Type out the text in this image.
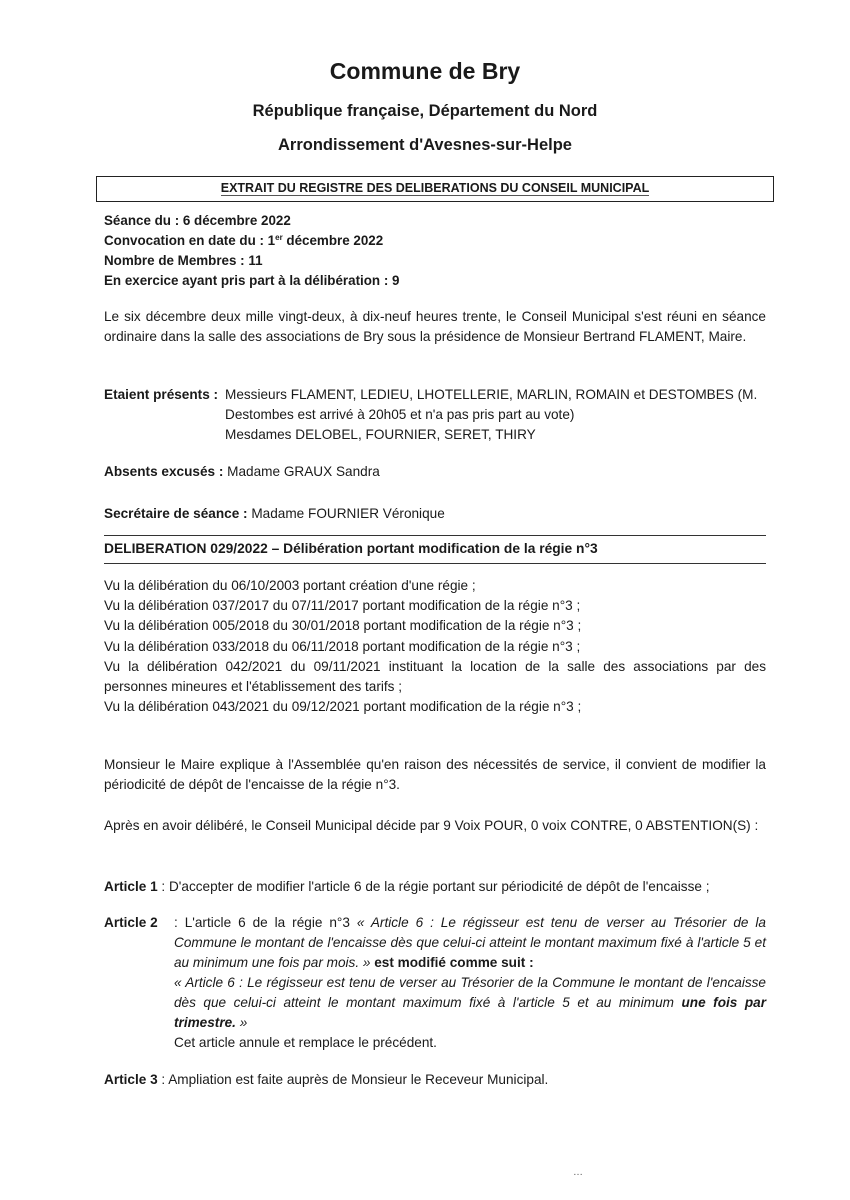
Commune de Bry
République française, Département du Nord
Arrondissement d'Avesnes-sur-Helpe
EXTRAIT DU REGISTRE DES DELIBERATIONS DU CONSEIL MUNICIPAL
Séance du : 6 décembre 2022
Convocation en date du : 1er décembre 2022
Nombre de Membres : 11
En exercice ayant pris part à la délibération : 9
Le six décembre deux mille vingt-deux, à dix-neuf heures trente, le Conseil Municipal s'est réuni en séance ordinaire dans la salle des associations de Bry sous la présidence de Monsieur Bertrand FLAMENT, Maire.
Etaient présents : Messieurs FLAMENT, LEDIEU, LHOTELLERIE, MARLIN, ROMAIN et DESTOMBES (M.
Destombes est arrivé à 20h05 et n'a pas pris part au vote)
Mesdames DELOBEL, FOURNIER, SERET, THIRY
Absents excusés : Madame GRAUX Sandra
Secrétaire de séance : Madame FOURNIER Véronique
DELIBERATION 029/2022 – Délibération portant modification de la régie n°3
Vu la délibération du 06/10/2003 portant création d'une régie ;
Vu la délibération 037/2017 du 07/11/2017 portant modification de la régie n°3 ;
Vu la délibération 005/2018 du 30/01/2018 portant modification de la régie n°3 ;
Vu la délibération 033/2018 du 06/11/2018 portant modification de la régie n°3 ;
Vu la délibération 042/2021 du 09/11/2021 instituant la location de la salle des associations par des personnes mineures et l'établissement des tarifs ;
Vu la délibération 043/2021 du 09/12/2021 portant modification de la régie n°3 ;
Monsieur le Maire explique à l'Assemblée qu'en raison des nécessités de service, il convient de modifier la périodicité de dépôt de l'encaisse de la régie n°3.
Après en avoir délibéré, le Conseil Municipal décide par 9 Voix POUR, 0 voix CONTRE, 0 ABSTENTION(S) :
Article 1 : D'accepter de modifier l'article 6 de la régie portant sur périodicité de dépôt de l'encaisse ;
Article 2 : L'article 6 de la régie n°3 « Article 6 : Le régisseur est tenu de verser au Trésorier de la Commune le montant de l'encaisse dès que celui-ci atteint le montant maximum fixé à l'article 5 et au minimum une fois par mois. » est modifié comme suit :
« Article 6 : Le régisseur est tenu de verser au Trésorier de la Commune le montant de l'encaisse dès que celui-ci atteint le montant maximum fixé à l'article 5 et au minimum une fois par trimestre. »
Cet article annule et remplace le précédent.
Article 3 : Ampliation est faite auprès de Monsieur le Receveur Municipal.
…
